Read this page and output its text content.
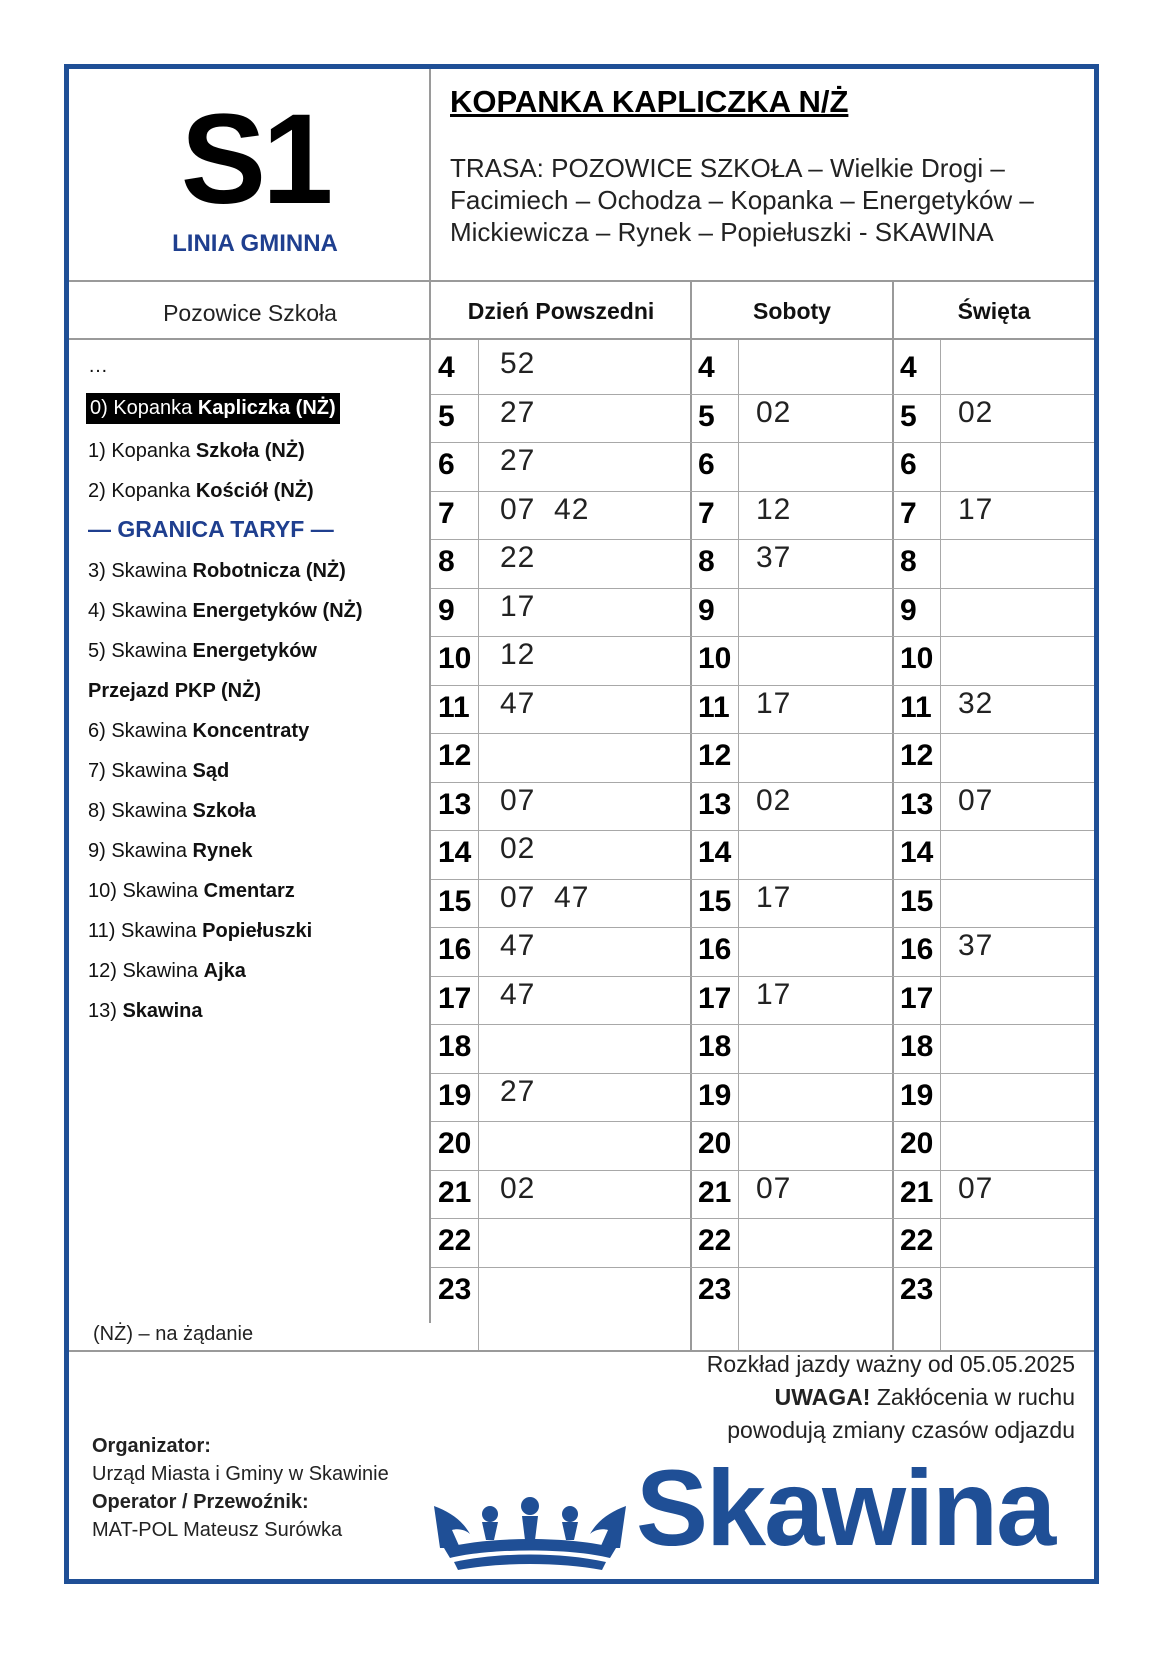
S1
LINIA GMINNA
KOPANKA KAPLICZKA N/Ż
TRASA: POZOWICE SZKOŁA – Wielkie Drogi –
Facimiech – Ochodza – Kopanka – Energetyków –
Mickiewicza – Rynek – Popiełuszki - SKAWINA
Pozowice Szkoła	Dzień Powszedni	Soboty	Święta
4 52	4	4
5 27	5 02	5 02
6 27	6	6
7 07  42	7 12	7 17
8 22	8 37	8
9 17	9	9
10 12	10	10
11 47	11 17	11 32
12	12	12
13 07	13 02	13 07
14 02	14	14
15 07  47	15 17	15
16 47	16	16 37
17 47	17 17	17
18	18	18
19 27	19	19
20	20	20
21 02	21 07	21 07
22	22	22
23	23	23
…
0) Kopanka Kapliczka (NŻ)
1) Kopanka Szkoła (NŻ)
2) Kopanka Kościół (NŻ)
— GRANICA TARYF —
3) Skawina Robotnicza (NŻ)
4) Skawina Energetyków (NŻ)
5) Skawina Energetyków
Przejazd PKP (NŻ)
6) Skawina Koncentraty
7) Skawina Sąd
8) Skawina Szkoła
9) Skawina Rynek
10) Skawina Cmentarz
11) Skawina Popiełuszki
12) Skawina Ajka
13) Skawina
(NŻ) – na żądanie
Rozkład jazdy ważny od 05.05.2025
UWAGA! Zakłócenia w ruchu
powodują zmiany czasów odjazdu
Organizator:
Urząd Miasta i Gminy w Skawinie
Operator / Przewoźnik:
MAT-POL Mateusz Surówka	Skawina
